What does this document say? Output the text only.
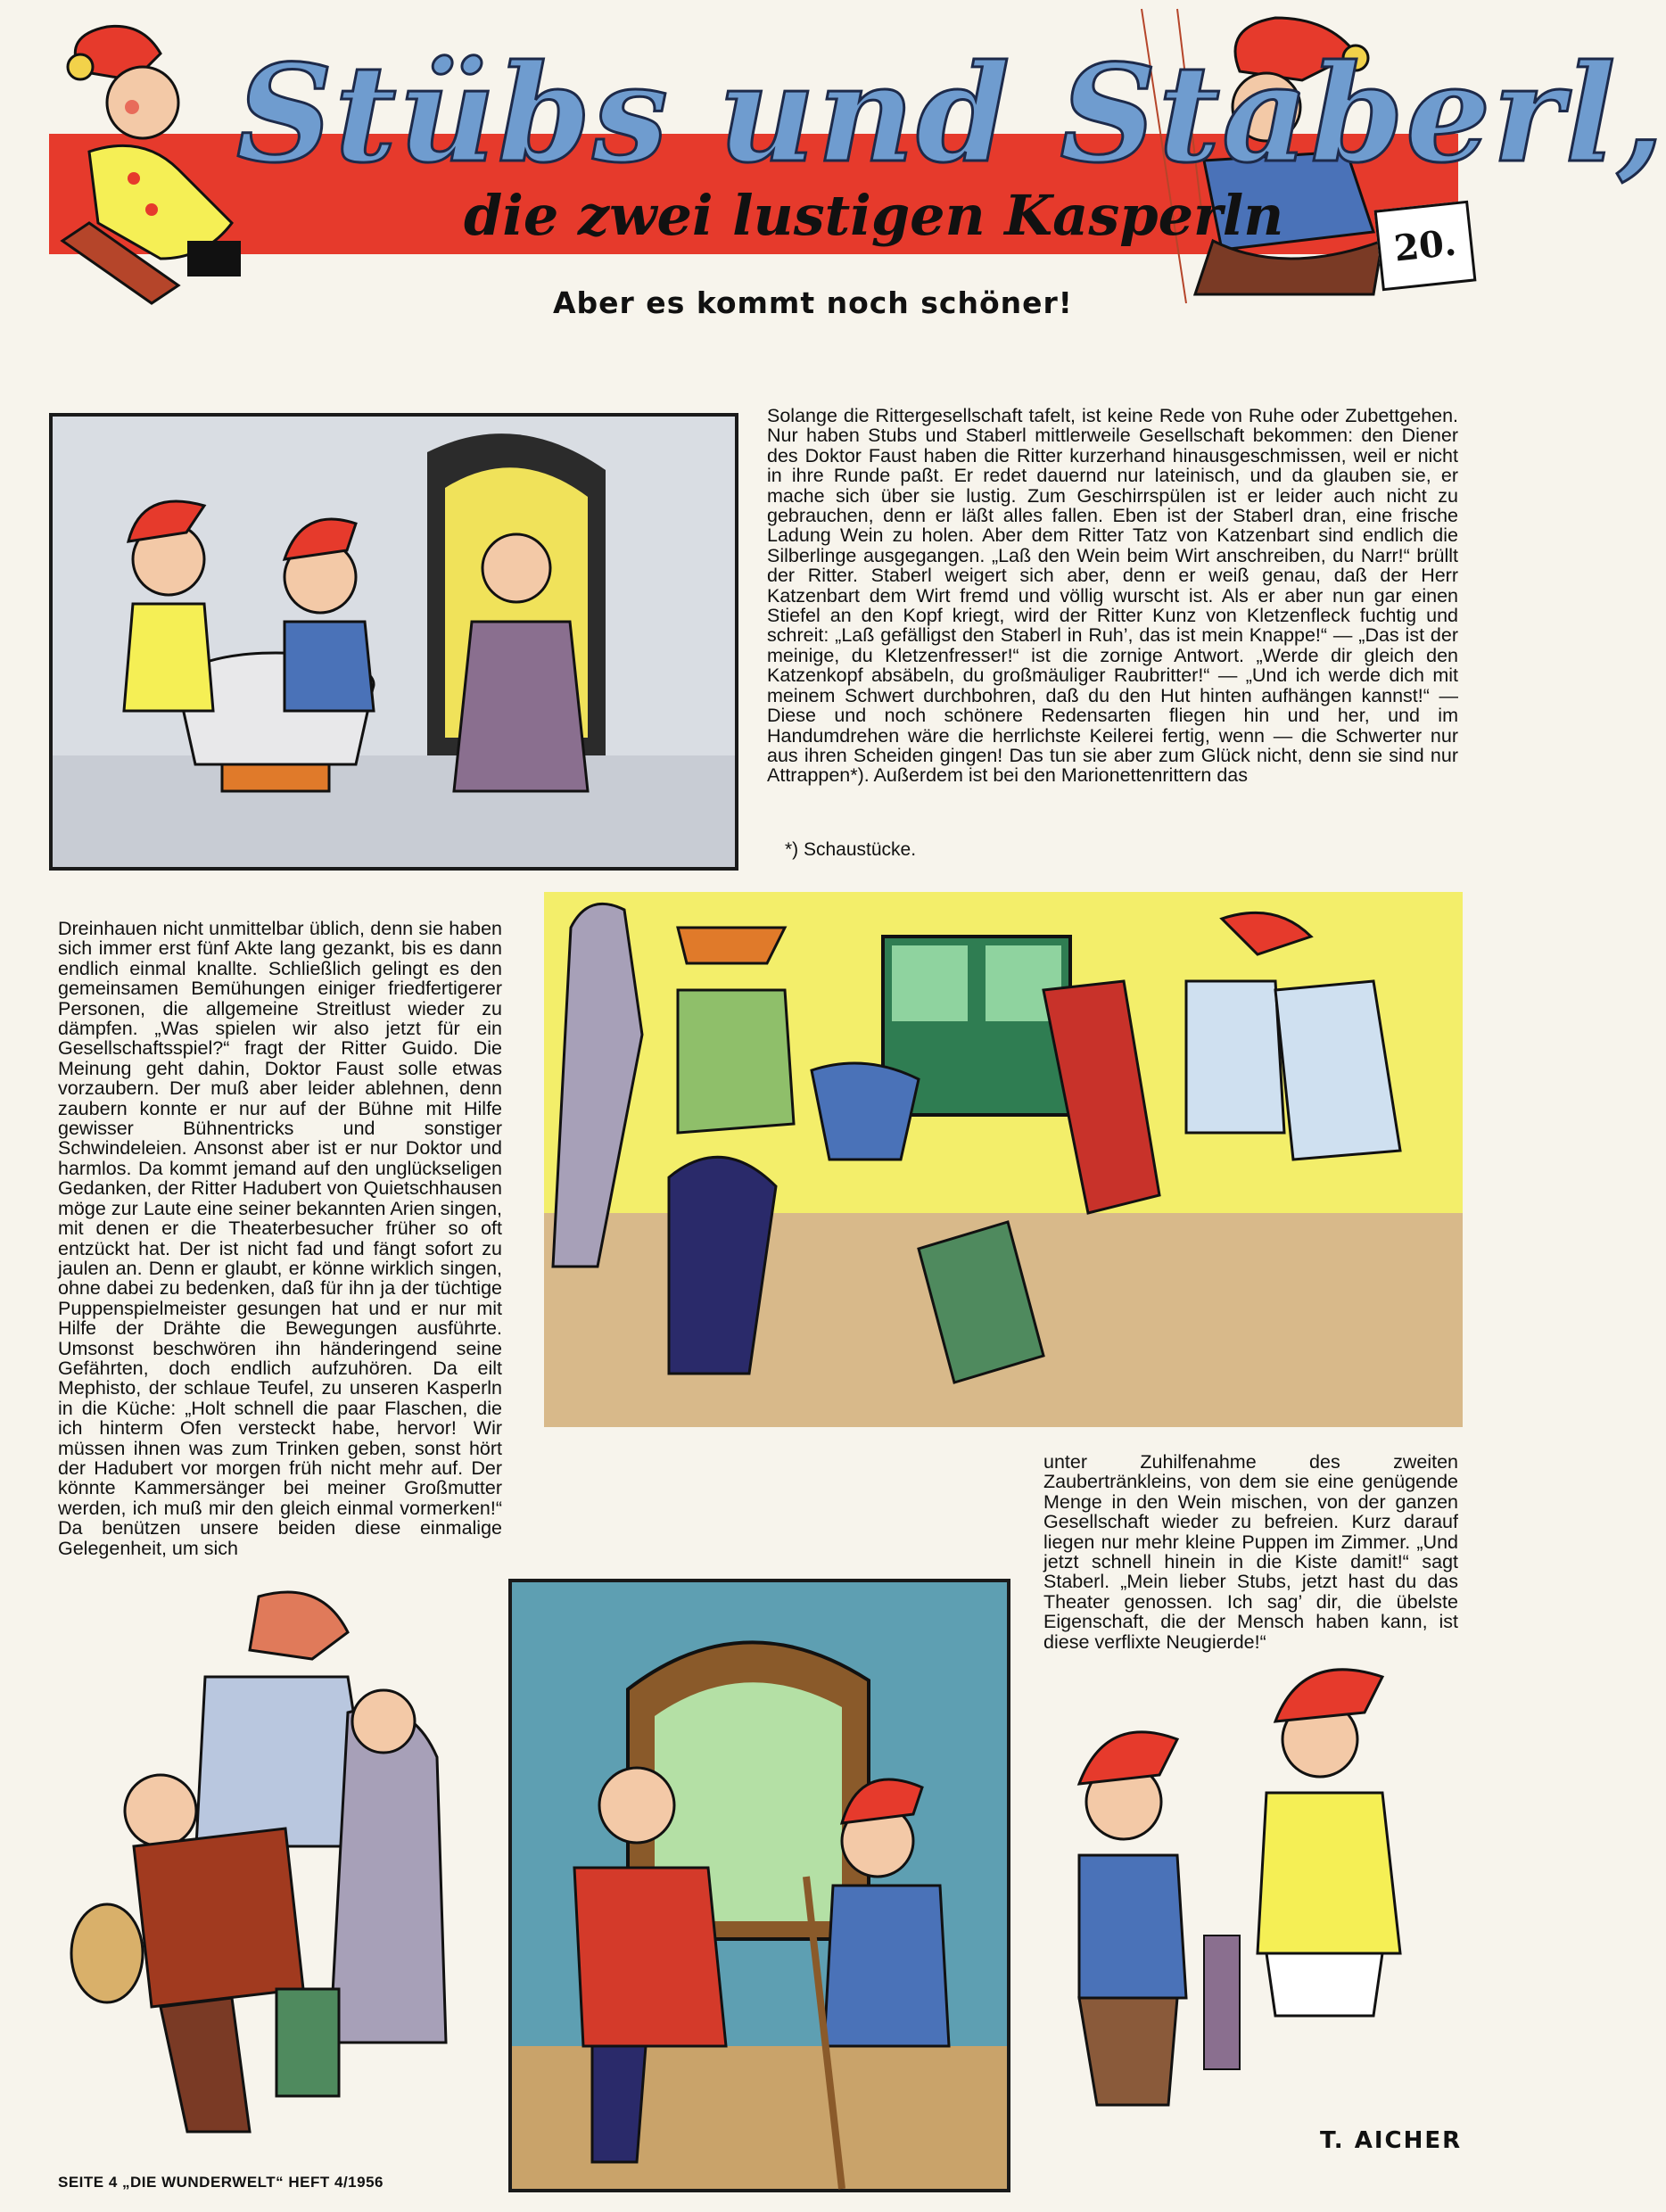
Stübs und Staberl,
die zwei lustigen Kasperln	20.
Aber es kommt noch schöner!

Solange die Rittergesellschaft tafelt, ist keine Rede von Ruhe oder Zubettgehen. Nur haben Stubs und Staberl mittlerweile Gesellschaft bekommen: den Diener des Doktor Faust haben die Ritter kurzerhand hinausgeschmissen, weil er nicht in ihre Runde paßt. Er redet dauernd nur lateinisch, und da glauben sie, er mache sich über sie lustig. Zum Geschirrspülen ist er leider auch nicht zu gebrauchen, denn er läßt alles fallen. Eben ist der Staberl dran, eine frische Ladung Wein zu holen. Aber dem Ritter Tatz von Katzenbart sind endlich die Silberlinge ausgegangen. „Laß den Wein beim Wirt anschreiben, du Narr!“ brüllt der Ritter. Staberl weigert sich aber, denn er weiß genau, daß der Herr Katzenbart dem Wirt fremd und völlig wurscht ist. Als er aber nun gar einen Stiefel an den Kopf kriegt, wird der Ritter Kunz von Kletzenfleck fuchtig und schreit: „Laß gefälligst den Staberl in Ruh’, das ist mein Knappe!“ — „Das ist der meinige, du Kletzenfresser!“ ist die zornige Antwort. „Werde dir gleich den Katzenkopf absäbeln, du großmäuliger Raubritter!“ — „Und ich werde dich mit meinem Schwert durchbohren, daß du den Hut hinten aufhängen kannst!“ — Diese und noch schönere Redensarten fliegen hin und her, und im Handumdrehen wäre die herrlichste Keilerei fertig, wenn — die Schwerter nur aus ihren Scheiden gingen! Das tun sie aber zum Glück nicht, denn sie sind nur Attrappen*). Außerdem ist bei den Marionettenrittern das

*) Schaustücke.

Dreinhauen nicht unmittelbar üblich, denn sie haben sich immer erst fünf Akte lang gezankt, bis es dann endlich einmal knallte. Schließlich gelingt es den gemeinsamen Bemühungen einiger friedfertigerer Personen, die allgemeine Streitlust wieder zu dämpfen. „Was spielen wir also jetzt für ein Gesellschaftsspiel?“ fragt der Ritter Guido. Die Meinung geht dahin, Doktor Faust solle etwas vorzaubern. Der muß aber leider ablehnen, denn zaubern konnte er nur auf der Bühne mit Hilfe gewisser Bühnentricks und sonstiger Schwindeleien. Ansonst aber ist er nur Doktor und harmlos. Da kommt jemand auf den unglückseligen Gedanken, der Ritter Hadubert von Quietschhausen möge zur Laute eine seiner bekannten Arien singen, mit denen er die Theaterbesucher früher so oft entzückt hat. Der ist nicht fad und fängt sofort zu jaulen an. Denn er glaubt, er könne wirklich singen, ohne dabei zu bedenken, daß für ihn ja der tüchtige Puppenspielmeister gesungen hat und er nur mit Hilfe der Drähte die Bewegungen ausführte. Umsonst beschwören ihn händeringend seine Gefährten, doch endlich aufzuhören. Da eilt Mephisto, der schlaue Teufel, zu unseren Kasperln in die Küche: „Holt schnell die paar Flaschen, die ich hinterm Ofen versteckt habe, hervor! Wir müssen ihnen was zum Trinken geben, sonst hört der Hadubert vor morgen früh nicht mehr auf. Der könnte Kammersänger bei meiner Großmutter werden, ich muß mir den gleich einmal vormerken!“ Da benützen unsere beiden diese einmalige Gelegenheit, um sich

unter Zuhilfenahme des zweiten Zaubertränkleins, von dem sie eine genügende Menge in den Wein mischen, von der ganzen Gesellschaft wieder zu befreien. Kurz darauf liegen nur mehr kleine Puppen im Zimmer. „Und jetzt schnell hinein in die Kiste damit!“ sagt Staberl. „Mein lieber Stubs, jetzt hast du das Theater genossen. Ich sag’ dir, die übelste Eigenschaft, die der Mensch haben kann, ist diese verflixte Neugierde!“

T. AICHER
SEITE 4 „DIE WUNDERWELT“ HEFT 4/1956
